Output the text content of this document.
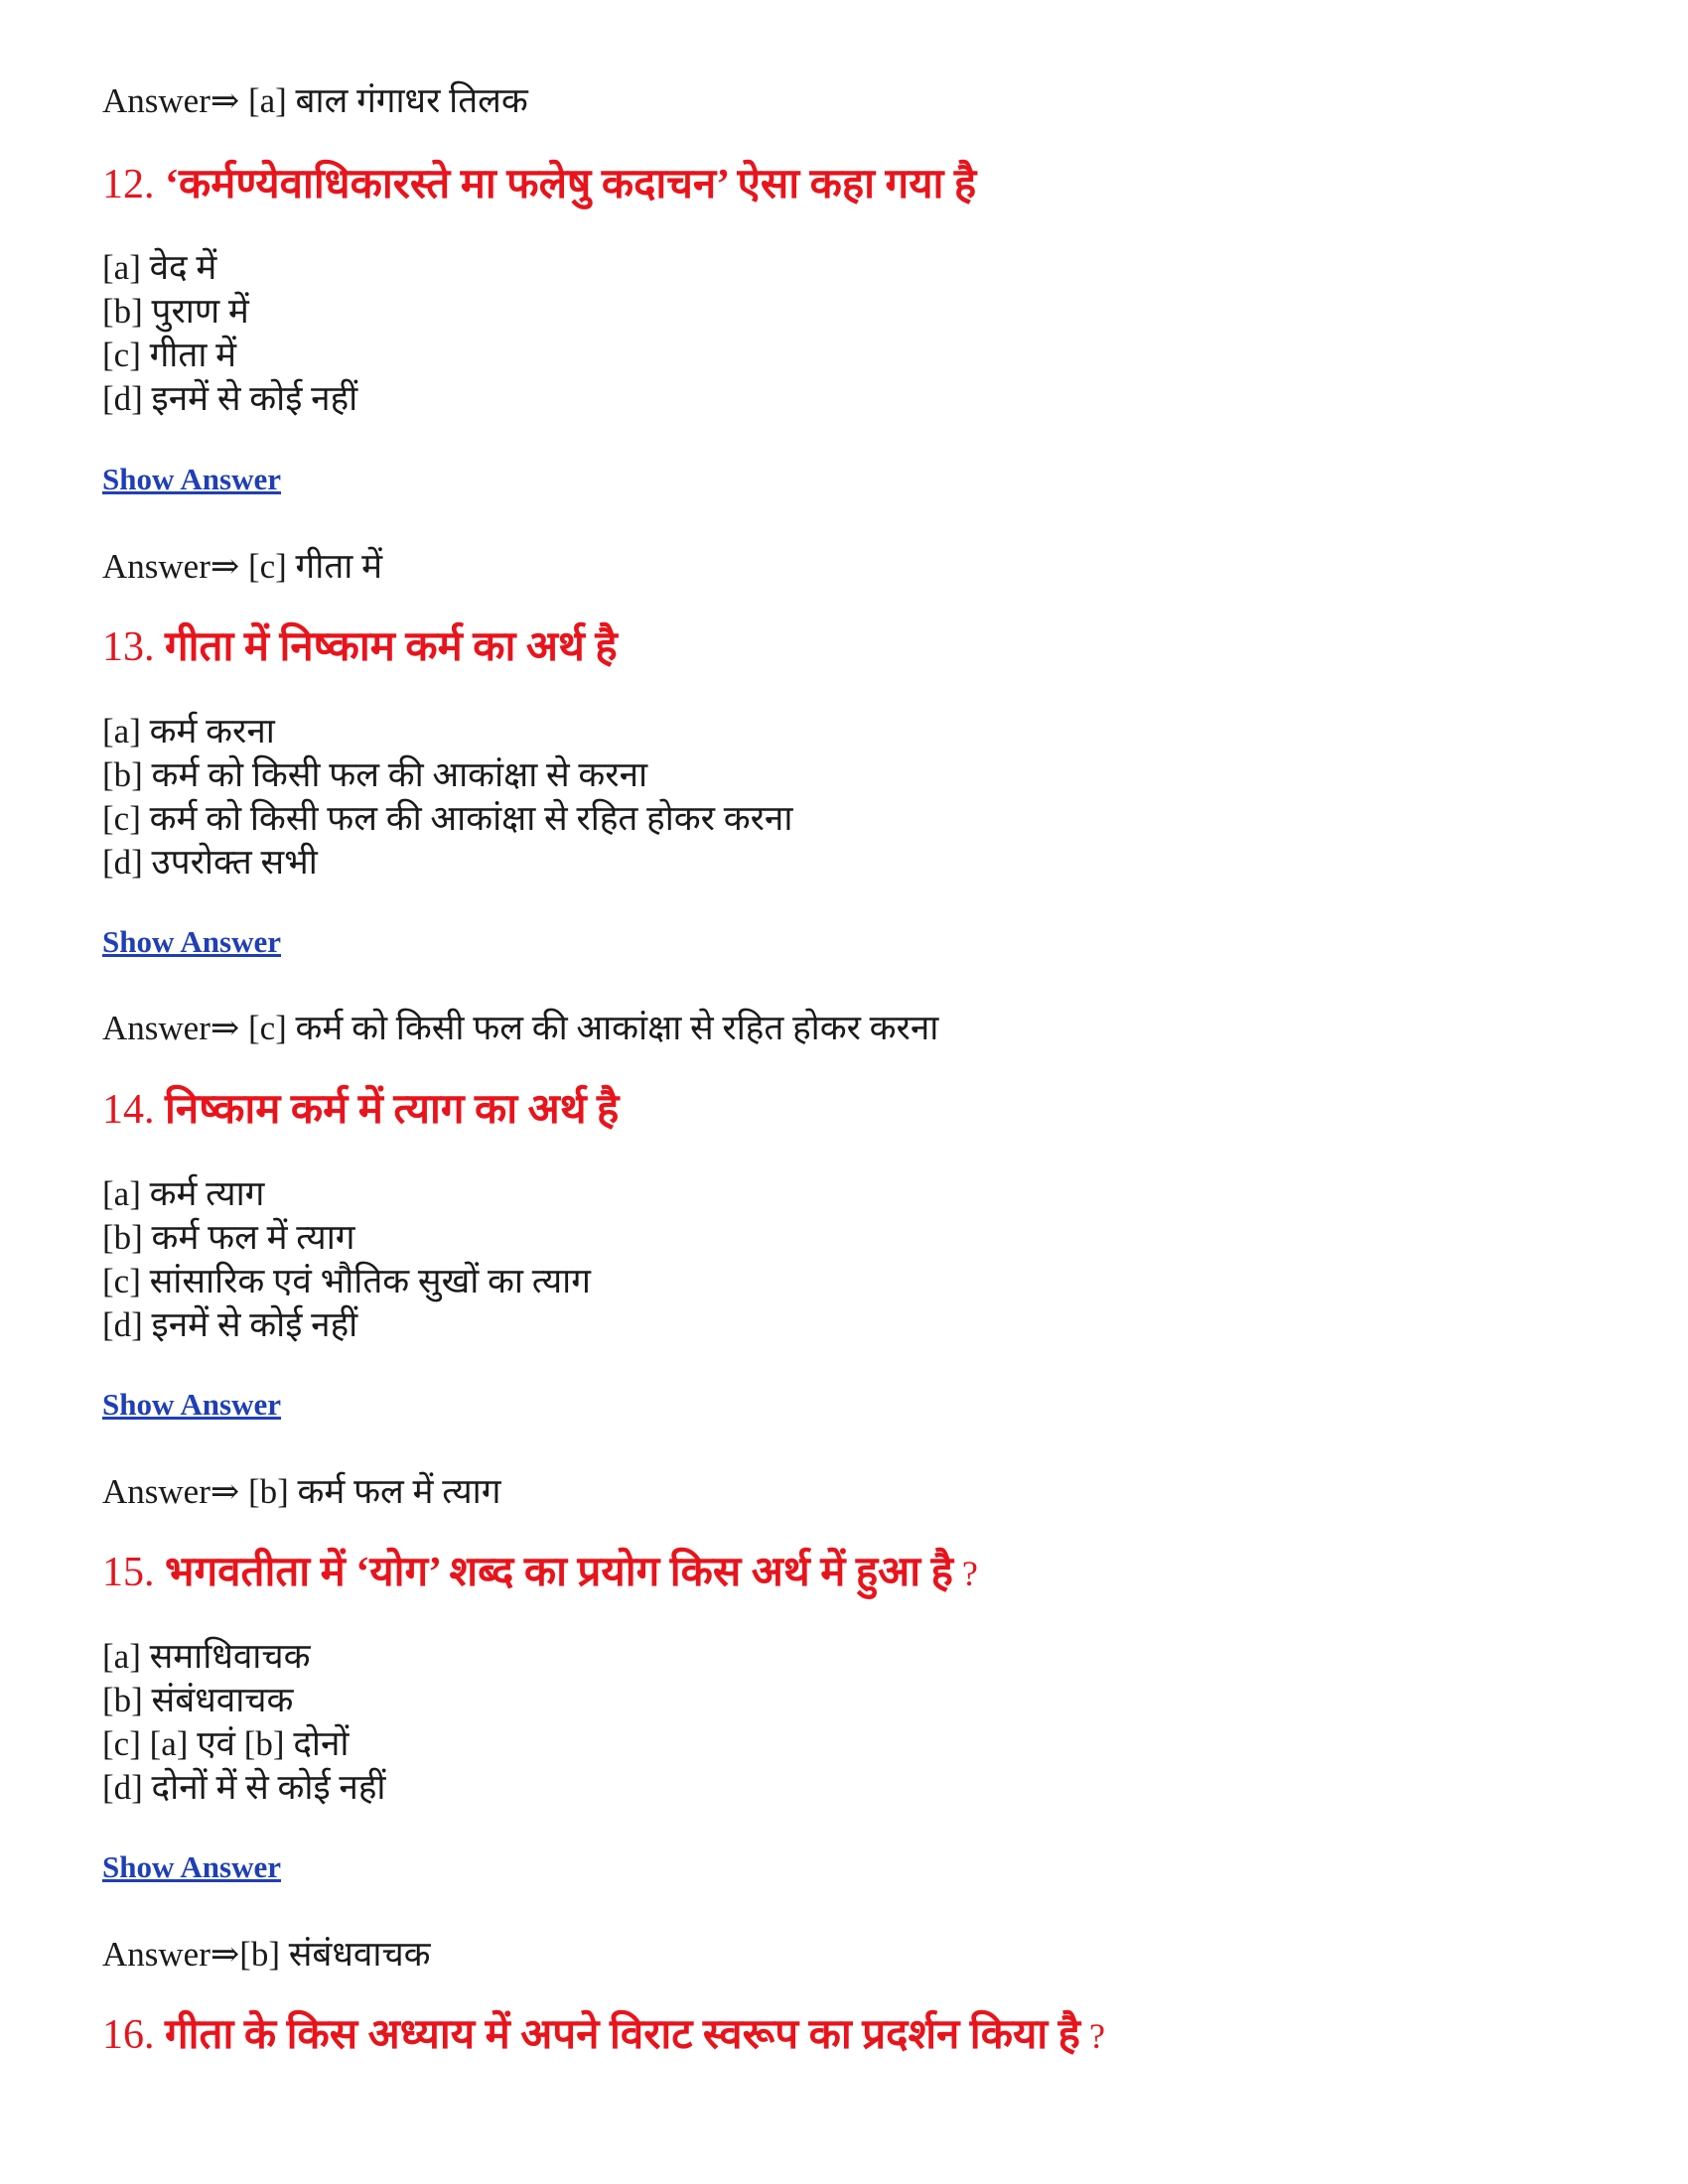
Answer⇒ [a] बाल गंगाधर तिलक
12. ‘कर्मण्येवाधिकारस्ते मा फलेषु कदाचन’ ऐसा कहा गया है
[a] वेद में
[b] पुराण में
[c] गीता में
[d] इनमें से कोई नहीं
Show Answer
Answer⇒ [c] गीता में
13. गीता में निष्काम कर्म का अर्थ है
[a] कर्म करना
[b] कर्म को किसी फल की आकांक्षा से करना
[c] कर्म को किसी फल की आकांक्षा से रहित होकर करना
[d] उपरोक्त सभी
Show Answer
Answer⇒ [c] कर्म को किसी फल की आकांक्षा से रहित होकर करना
14. निष्काम कर्म में त्याग का अर्थ है
[a] कर्म त्याग
[b] कर्म फल में त्याग
[c] सांसारिक एवं भौतिक सुखों का त्याग
[d] इनमें से कोई नहीं
Show Answer
Answer⇒ [b] कर्म फल में त्याग
15. भगवतीता में ‘योग’ शब्द का प्रयोग किस अर्थ में हुआ है ?
[a] समाधिवाचक
[b] संबंधवाचक
[c] [a] एवं [b] दोनों
[d] दोनों में से कोई नहीं
Show Answer
Answer⇒[b] संबंधवाचक
16. गीता के किस अध्याय में अपने विराट स्वरूप का प्रदर्शन किया है ?
